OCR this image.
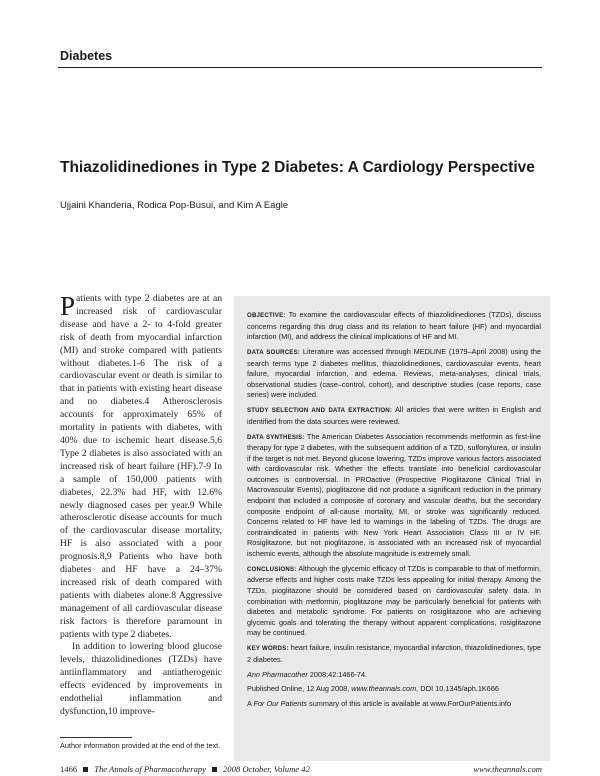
Diabetes
Thiazolidinediones in Type 2 Diabetes: A Cardiology Perspective
Ujjaini Khanderia, Rodica Pop-Busui, and Kim A Eagle

Patients with type 2 diabetes are at an increased risk of cardiovascular disease and have a 2- to 4-fold greater risk of death from myocardial infarction (MI) and stroke compared with patients without diabetes.1-6 The risk of a cardiovascular event or death is similar to that in patients with existing heart disease and no diabetes.4 Atherosclerosis accounts for approximately 65% of mortality in patients with diabetes, with 40% due to ischemic heart disease.5,6 Type 2 diabetes is also associated with an increased risk of heart failure (HF).7-9 In a sample of 150,000 patients with diabetes, 22.3% had HF, with 12.6% newly diagnosed cases per year.9 While atherosclerotic disease accounts for much of the cardiovascular disease mortality, HF is also associated with a poor prognosis.8,9 Patients who have both diabetes and HF have a 24–37% increased risk of death compared with patients with diabetes alone.8 Aggressive management of all cardiovascular disease risk factors is therefore paramount in patients with type 2 diabetes.

In addition to lowering blood glucose levels, thiazolidinediones (TZDs) have antiinflammatory and antiatherogenic effects evidenced by improvements in endothelial inflammation and dysfunction,10 improve-

OBJECTIVE: To examine the cardiovascular effects of thiazolidinediones (TZDs), discuss concerns regarding this drug class and its relation to heart failure (HF) and myocardial infarction (MI), and address the clinical implications of HF and MI.

DATA SOURCES: Literature was accessed through MEDLINE (1979–April 2008) using the search terms type 2 diabetes mellitus, thiazolidinediones, cardiovascular events, heart failure, myocardial infarction, and edema. Reviews, meta-analyses, clinical trials, observational studies (case–control, cohort), and descriptive studies (case reports, case series) were included.

STUDY SELECTION AND DATA EXTRACTION: All articles that were written in English and identified from the data sources were reviewed.

DATA SYNTHESIS: The American Diabetes Association recommends metformin as first-line therapy for type 2 diabetes, with the subsequent addition of a TZD, sulfonylurea, or insulin if the target is not met. Beyond glucose lowering, TZDs improve various factors associated with cardiovascular risk. Whether the effects translate into beneficial cardiovascular outcomes is controversial. In PROactive (Prospective Pioglitazone Clinical Trial in Macrovascular Events), pioglitazone did not produce a significant reduction in the primary endpoint that included a composite of coronary and vascular deaths, but the secondary composite endpoint of all-cause mortality, MI, or stroke was significantly reduced. Concerns related to HF have led to warnings in the labeling of TZDs. The drugs are contraindicated in patients with New York Heart Association Class III or IV HF. Rosiglitazone, but not pioglitazone, is associated with an increased risk of myocardial ischemic events, although the absolute magnitude is extremely small.

CONCLUSIONS: Although the glycemic efficacy of TZDs is comparable to that of metformin, adverse effects and higher costs make TZDs less appealing for initial therapy. Among the TZDs, pioglitazone should be considered based on cardiovascular safety data. In combination with metformin, pioglitazone may be particularly beneficial for patients with diabetes and metabolic syndrome. For patients on rosiglitazone who are achieving glycemic goals and tolerating the therapy without apparent complications, rosiglitazone may be continued.

KEY WORDS: heart failure, insulin resistance, myocardial infarction, thiazolidinediones, type 2 diabetes.

Ann Pharmacother 2008;42:1466-74.

Published Online, 12 Aug 2008, www.theannals.com, DOI 10.1345/aph.1K666

A For Our Patients summary of this article is available at www.ForOurPatients.info

Author information provided at the end of the text.
1466 The Annals of Pharmacotherapy 2008 October, Volume 42	www.theannals.com
